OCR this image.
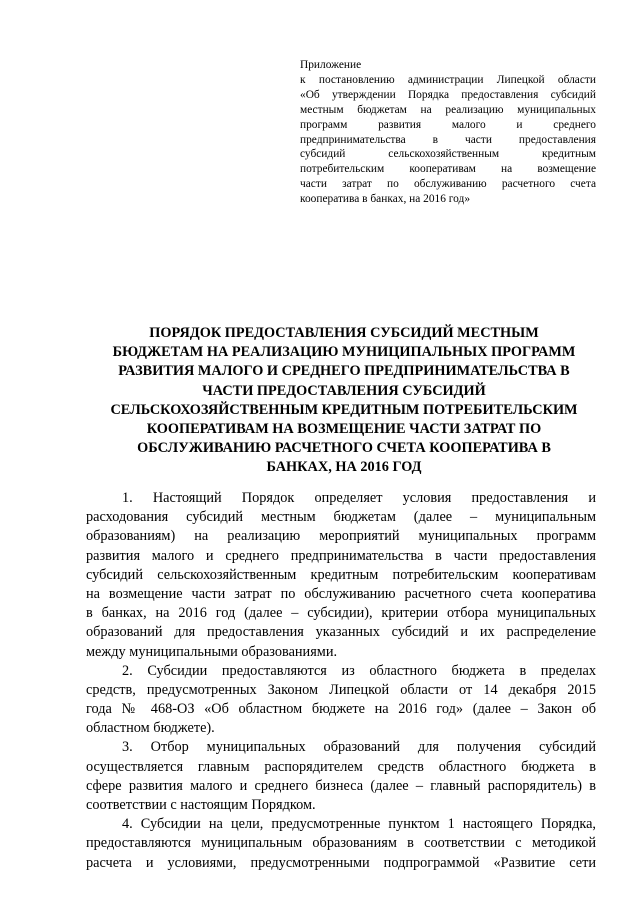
Приложение
к постановлению администрации Липецкой области
«Об утверждении Порядка предоставления субсидий
местным бюджетам на реализацию муниципальных
программ развития малого и среднего
предпринимательства в части предоставления
субсидий сельскохозяйственным кредитным
потребительским кооперативам на возмещение
части затрат по обслуживанию расчетного счета
кооператива в банках, на 2016 год»
ПОРЯДОК ПРЕДОСТАВЛЕНИЯ СУБСИДИЙ МЕСТНЫМ
БЮДЖЕТАМ НА РЕАЛИЗАЦИЮ МУНИЦИПАЛЬНЫХ ПРОГРАММ
РАЗВИТИЯ МАЛОГО И СРЕДНЕГО ПРЕДПРИНИМАТЕЛЬСТВА В
ЧАСТИ ПРЕДОСТАВЛЕНИЯ СУБСИДИЙ
СЕЛЬСКОХОЗЯЙСТВЕННЫМ КРЕДИТНЫМ ПОТРЕБИТЕЛЬСКИМ
КООПЕРАТИВАМ НА ВОЗМЕЩЕНИЕ ЧАСТИ ЗАТРАТ ПО
ОБСЛУЖИВАНИЮ РАСЧЕТНОГО СЧЕТА КООПЕРАТИВА В
БАНКАХ, НА 2016 ГОД
1. Настоящий Порядок определяет условия предоставления и
расходования субсидий местным бюджетам (далее – муниципальным
образованиям) на реализацию мероприятий муниципальных программ
развития малого и среднего предпринимательства в части предоставления
субсидий сельскохозяйственным кредитным потребительским кооперативам
на возмещение части затрат по обслуживанию расчетного счета кооператива
в банках, на 2016 год (далее – субсидии), критерии отбора муниципальных
образований для предоставления указанных субсидий и их распределение
между муниципальными образованиями.
2. Субсидии предоставляются из областного бюджета в пределах
средств, предусмотренных Законом Липецкой области от 14 декабря 2015
года № 468-ОЗ «Об областном бюджете на 2016 год» (далее – Закон об
областном бюджете).
3. Отбор муниципальных образований для получения субсидий
осуществляется главным распорядителем средств областного бюджета в
сфере развития малого и среднего бизнеса (далее – главный распорядитель) в
соответствии с настоящим Порядком.
4. Субсидии на цели, предусмотренные пунктом 1 настоящего Порядка,
предоставляются муниципальным образованиям в соответствии с методикой
расчета и условиями, предусмотренными подпрограммой «Развитие сети
